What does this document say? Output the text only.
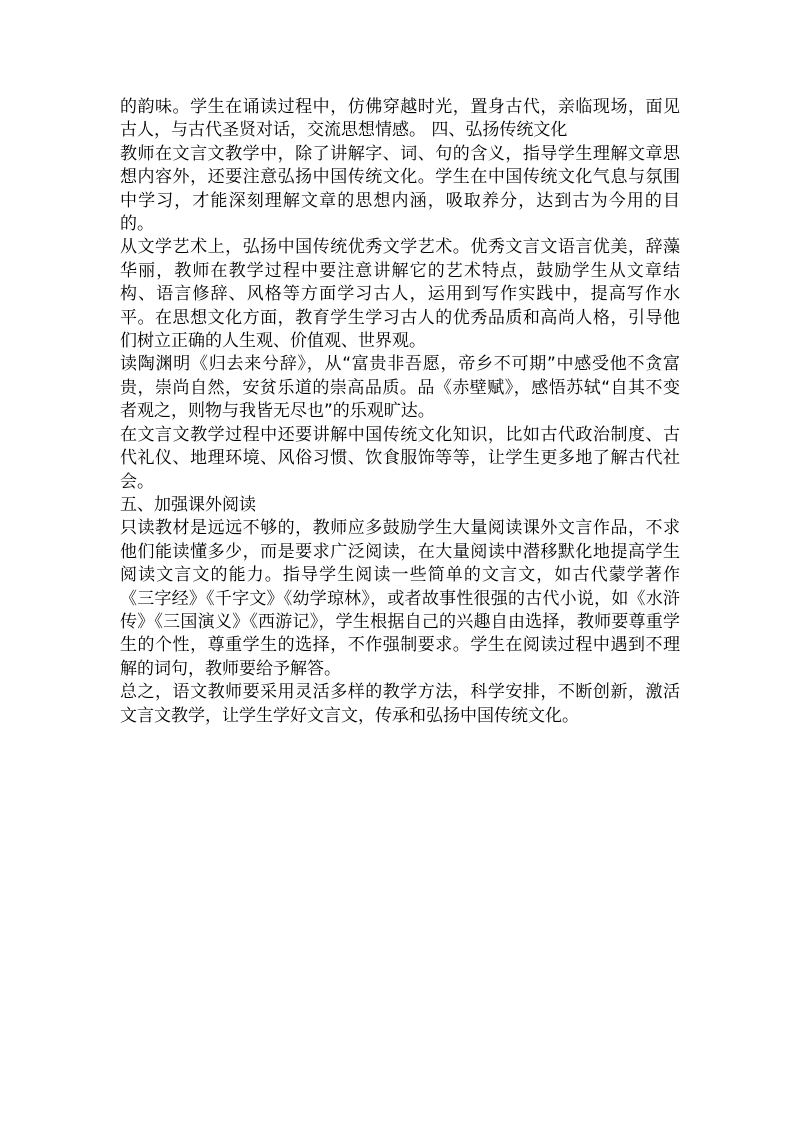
的韵味。学生在诵读过程中，仿佛穿越时光，置身古代，亲临现场，面见古人，与古代圣贤对话，交流思想情感。 四、弘扬传统文化

教师在文言文教学中，除了讲解字、词、句的含义，指导学生理解文章思想内容外，还要注意弘扬中国传统文化。学生在中国传统文化气息与氛围中学习，才能深刻理解文章的思想内涵，吸取养分，达到古为今用的目的。

从文学艺术上，弘扬中国传统优秀文学艺术。优秀文言文语言优美，辞藻华丽，教师在教学过程中要注意讲解它的艺术特点，鼓励学生从文章结构、语言修辞、风格等方面学习古人，运用到写作实践中，提高写作水平。在思想文化方面，教育学生学习古人的优秀品质和高尚人格，引导他们树立正确的人生观、价值观、世界观。

读陶渊明《归去来兮辞》，从“富贵非吾愿，帝乡不可期”中感受他不贪富贵，崇尚自然，安贫乐道的崇高品质。品《赤壁赋》，感悟苏轼“自其不变者观之，则物与我皆无尽也”的乐观旷达。

在文言文教学过程中还要讲解中国传统文化知识，比如古代政治制度、古代礼仪、地理环境、风俗习惯、饮食服饰等等，让学生更多地了解古代社会。

五、加强课外阅读

只读教材是远远不够的，教师应多鼓励学生大量阅读课外文言作品，不求他们能读懂多少，而是要求广泛阅读，在大量阅读中潜移默化地提高学生阅读文言文的能力。指导学生阅读一些简单的文言文，如古代蒙学著作《三字经》《千字文》《幼学琼林》，或者故事性很强的古代小说，如《水浒传》《三国演义》《西游记》，学生根据自己的兴趣自由选择，教师要尊重学生的个性，尊重学生的选择，不作强制要求。学生在阅读过程中遇到不理解的词句，教师要给予解答。

总之，语文教师要采用灵活多样的教学方法，科学安排，不断创新，激活文言文教学，让学生学好文言文，传承和弘扬中国传统文化。
